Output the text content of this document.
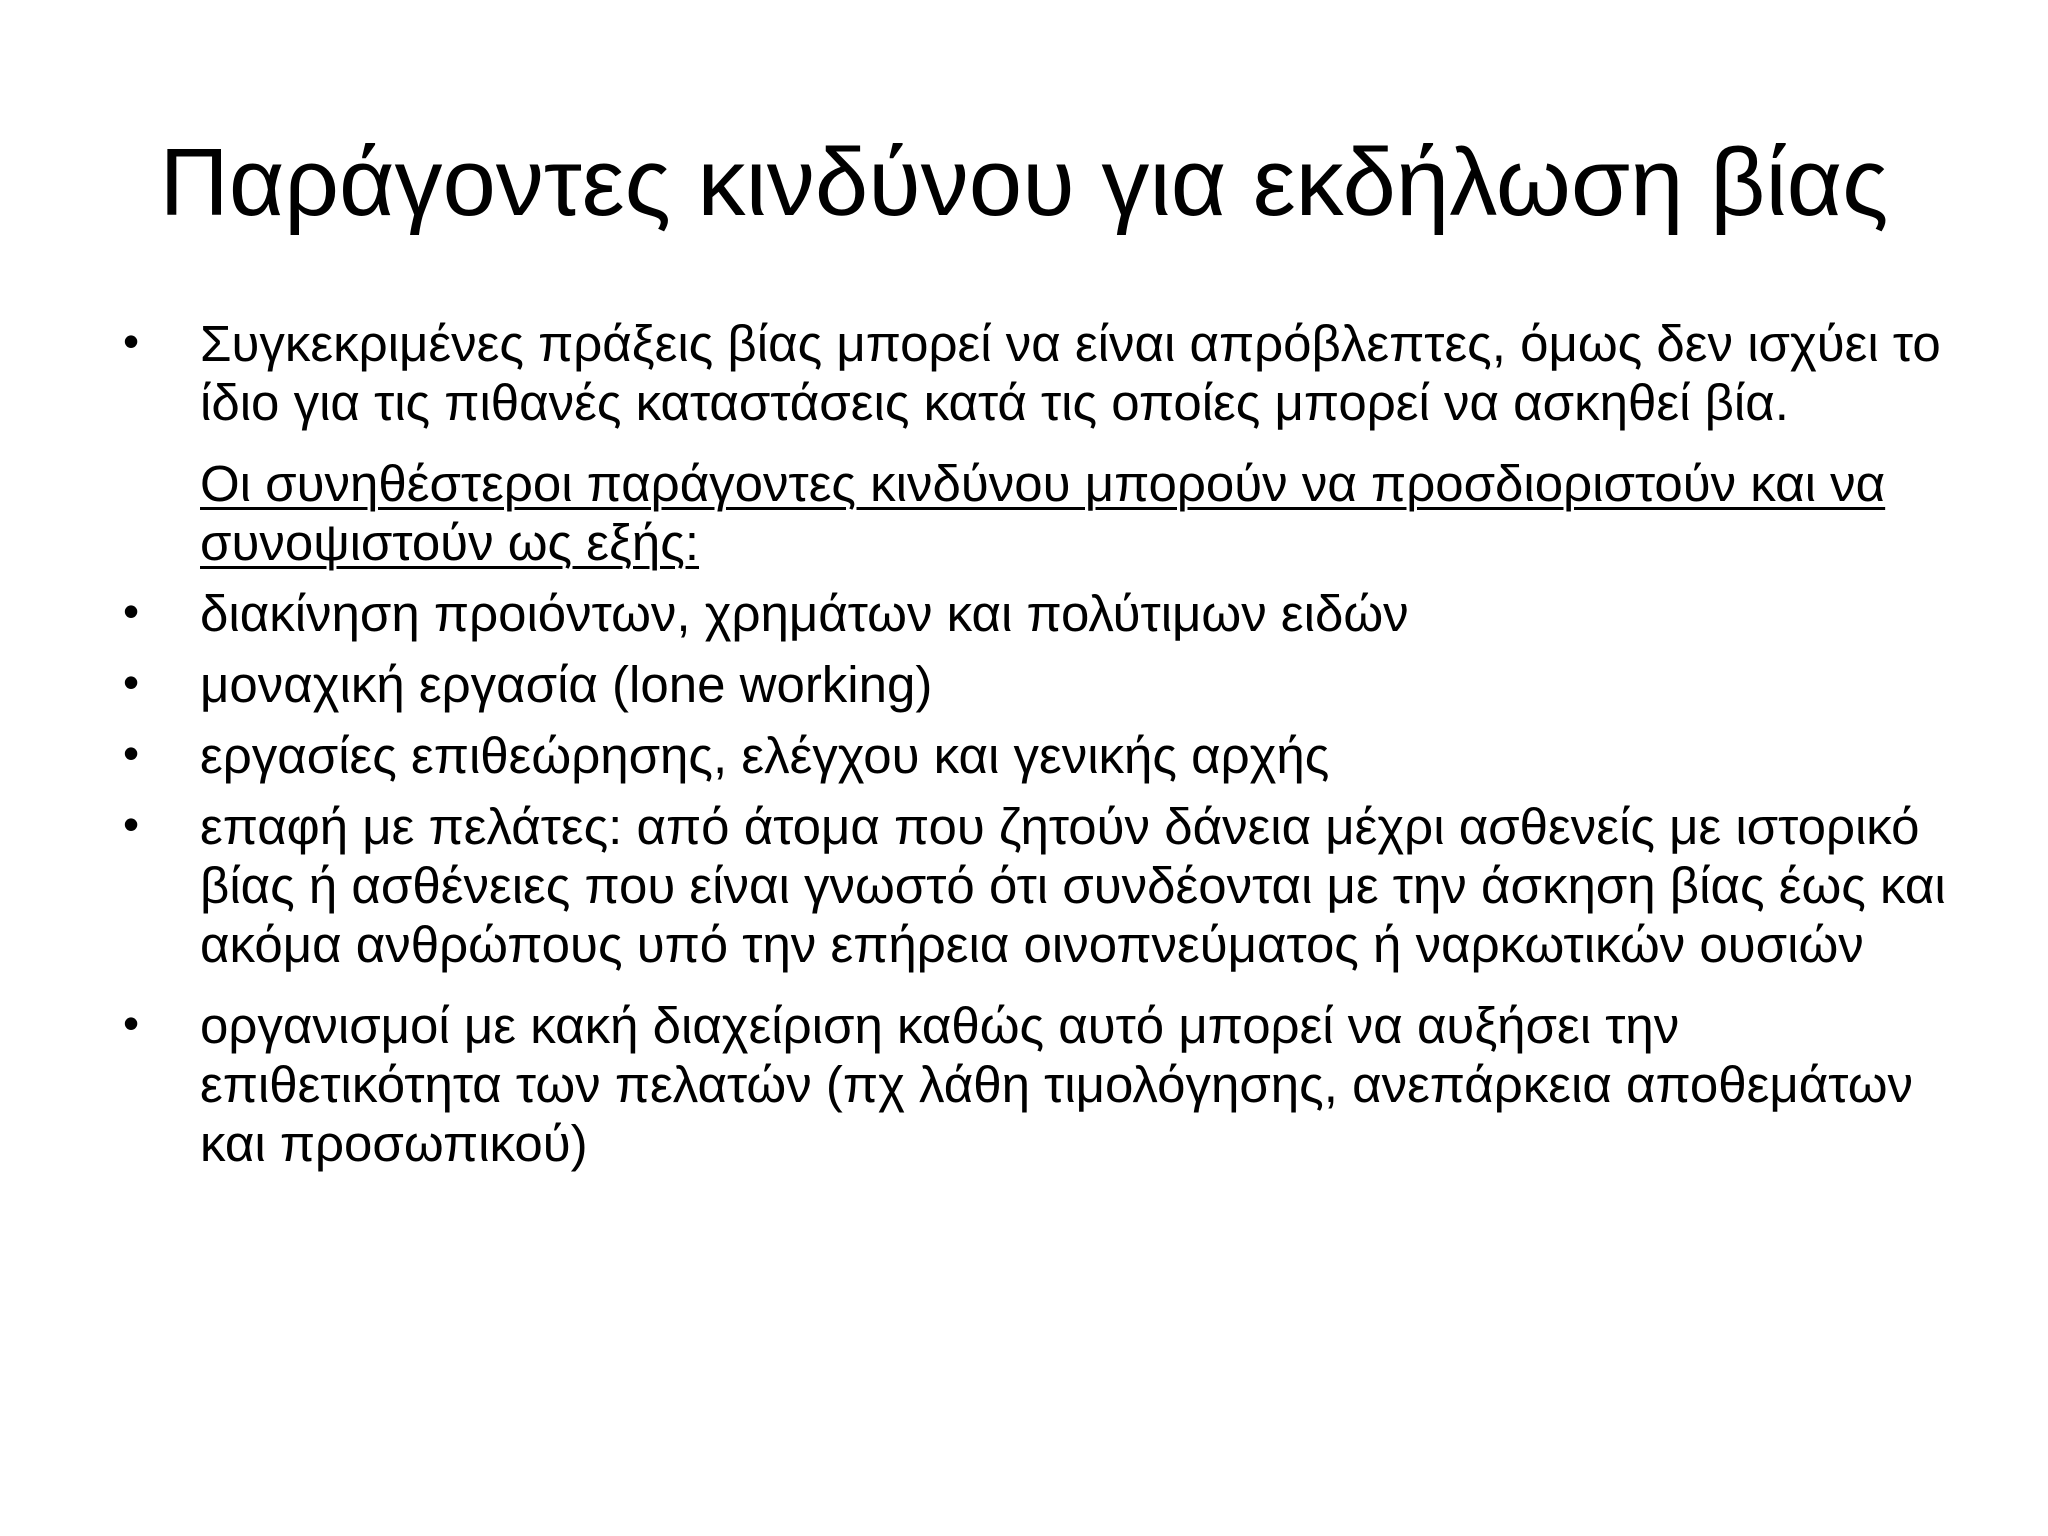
Παράγοντες κινδύνου για εκδήλωση βίας
•	Συγκεκριμένες πράξεις βίας μπορεί να είναι απρόβλεπτες, όμως δεν ισχύει το ίδιο για τις πιθανές καταστάσεις κατά τις οποίες μπορεί να ασκηθεί βία.
Οι συνηθέστεροι παράγοντες κινδύνου μπορούν να προσδιοριστούν και να συνοψιστούν ως εξής:
•	διακίνηση προιόντων, χρημάτων και πολύτιμων ειδών
•	μοναχική εργασία (lone working)
•	εργασίες επιθεώρησης, ελέγχου και γενικής αρχής
•	επαφή με πελάτες: από άτομα που ζητούν δάνεια μέχρι ασθενείς με ιστορικό βίας ή ασθένειες που είναι γνωστό ότι συνδέονται με την άσκηση βίας έως και ακόμα ανθρώπους υπό την επήρεια οινοπνεύματος ή ναρκωτικών ουσιών
•	οργανισμοί με κακή διαχείριση καθώς αυτό μπορεί να αυξήσει την επιθετικότητα των πελατών (πχ λάθη τιμολόγησης, ανεπάρκεια αποθεμάτων και προσωπικού)
